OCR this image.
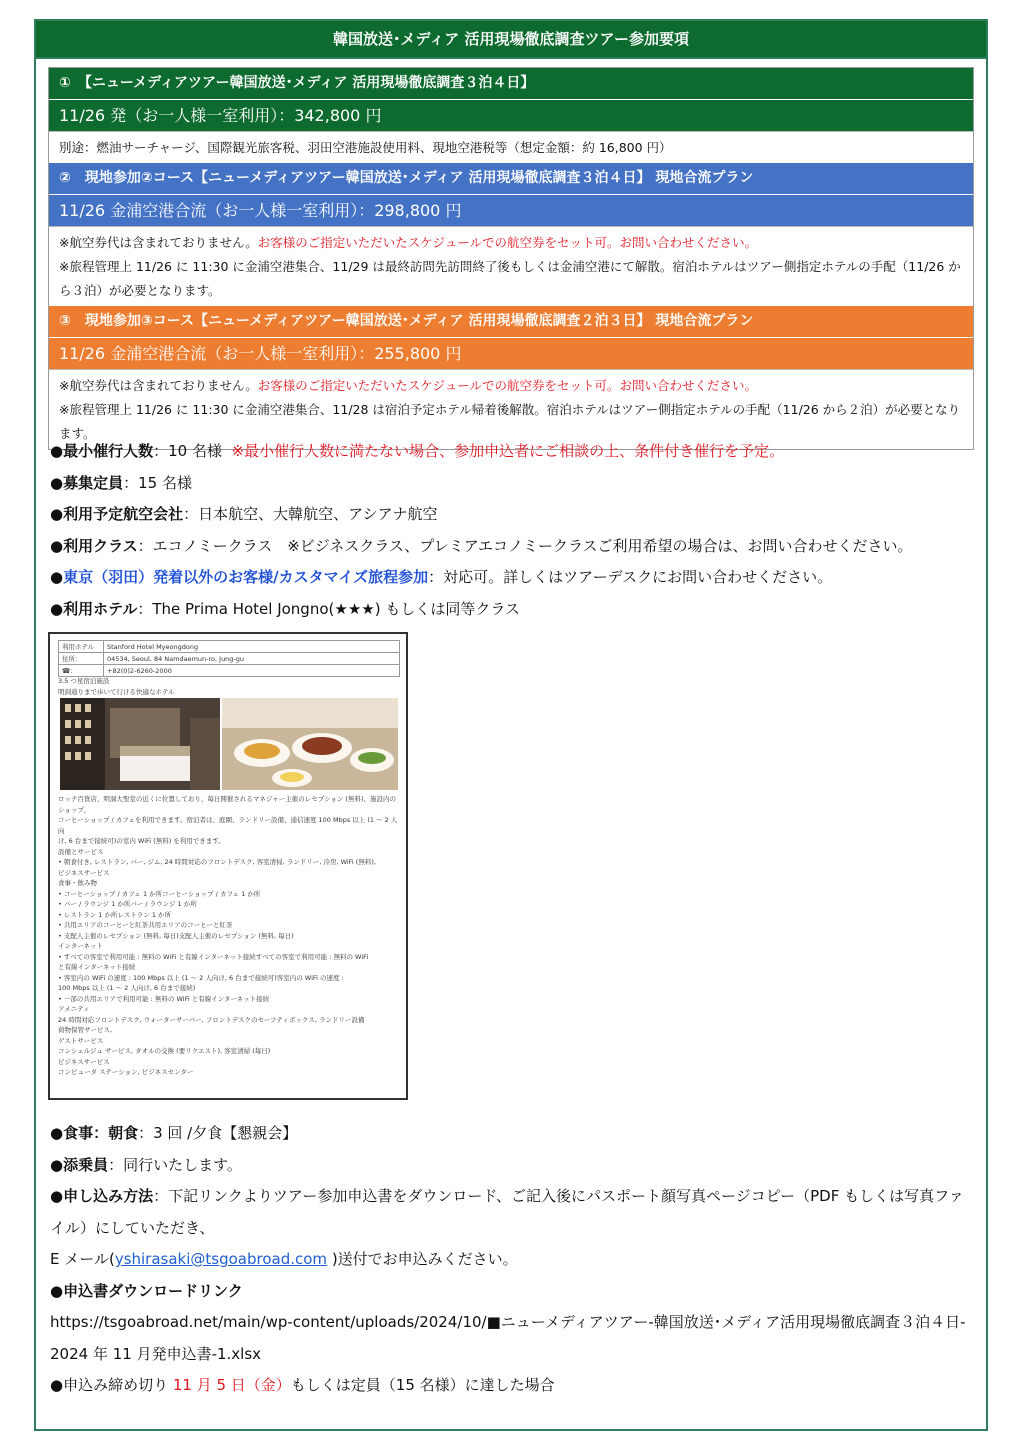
韓国放送･メディア 活用現場徹底調査ツアー参加要項
①　【ニューメディアツアー韓国放送･メディア 活用現場徹底調査３泊４日】
11/26 発（お一人様一室利用）：342,800 円
別途：燃油サーチャージ、国際観光旅客税、羽田空港施設使用料、現地空港税等（想定金額：約 16,800 円）
②　現地参加②コース【ニューメディアツアー韓国放送･メディア 活用現場徹底調査３泊４日】 現地合流プラン
11/26 金浦空港合流（お一人様一室利用）：298,800 円
※航空券代は含まれておりません。お客様のご指定いただいたスケジュールでの航空券をセット可。お問い合わせください。
※旅程管理上 11/26 に 11:30 に金浦空港集合、11/29 は最終訪問先訪問終了後もしくは金浦空港にて解散。宿泊ホテルはツアー側指定ホテルの手配（11/26 から３泊）が必要となります。
③　現地参加③コース【ニューメディアツアー韓国放送･メディア 活用現場徹底調査２泊３日】 現地合流プラン
11/26 金浦空港合流（お一人様一室利用）：255,800 円
※航空券代は含まれておりません。お客様のご指定いただいたスケジュールでの航空券をセット可。お問い合わせください。
※旅程管理上 11/26 に 11:30 に金浦空港集合、11/28 は宿泊予定ホテル帰着後解散。宿泊ホテルはツアー側指定ホテルの手配（11/26 から２泊）が必要となります。
●最小催行人数：10 名様 ※最小催行人数に満たない場合、参加申込者にご相談の上、条件付き催行を予定。
●募集定員：15 名様
●利用予定航空会社：日本航空、大韓航空、アシアナ航空
●利用クラス：エコノミークラス　※ビジネスクラス、プレミアエコノミークラスご利用希望の場合は、お問い合わせください。
●東京（羽田）発着以外のお客様/カスタマイズ旅程参加：対応可。詳しくはツアーデスクにお問い合わせください。
●利用ホテル：The Prima Hotel Jongno(★★★) もしくは同等クラス
利用ホテル	Stanford Hotel Myeongdong
住所：	04534, Seoul, 84 Namdaemun-ro, Jung-gu
☎：	+82(0)2-6260-2000
3.5 つ星宿泊施設
明洞通りまで歩いて行ける快適なホテル
ロッテ百貨店、明洞大聖堂の近くに位置しており、毎日開催されるマネジャー主催のレセプション (無料)、施設内のショップ、
コーヒーショップ / カフェを利用できます。宿泊者は、庭園、ランドリー設備、通信速度 100 Mbps 以上 (1 ～ 2 人向
け, 6 台まで接続可)の室内 WiFi (無料) を利用できます。
設備とサービス
• 朝食付き, レストラン, バー, ジム, 24 時間対応のフロントデスク, 客室清掃, ランドリー, 冷房, WiFi (無料),
ビジネスサービス
食事・飲み物
• コーヒーショップ / カフェ 1 か所コーヒーショップ / カフェ 1 か所
• バー / ラウンジ 1 か所バー / ラウンジ 1 か所
• レストラン 1 か所レストラン 1 か所
• 共用エリアのコーヒーと紅茶共用エリアのコーヒーと紅茶
• 支配人主催のレセプション (無料, 毎日)支配人主催のレセプション (無料, 毎日)
インターネット
• すべての客室で利用可能 : 無料の WiFi と有線インターネット接続すべての客室で利用可能 : 無料の WiFi
と有線インターネット接続
• 客室内の WiFi の速度 : 100 Mbps 以上 (1 ～ 2 人向け, 6 台まで接続可)客室内の WiFi の速度 :
100 Mbps 以上 (1 ～ 2 人向け, 6 台まで接続)
• 一部の共用エリアで利用可能 : 無料の WiFi と有線インターネット接続
アメニティ
24 時間対応フロントデスク, ウォーターサーバー, フロントデスクのセーフティボックス, ランドリー設備
荷物保管サービス,
ゲストサービス
コンシェルジュ サービス, タオルの交換 (要リクエスト), 客室清掃 (毎日)
ビジネスサービス
コンピュータ ステーション, ビジネスセンター
●食事：朝食：3 回 /夕食【懇親会】
●添乗員：同行いたします。
●申し込み方法：下記リンクよりツアー参加申込書をダウンロード、ご記入後にパスポート顔写真ページコピー（PDF もしくは写真ファイル）にしていただき、
E メール(yshirasaki@tsgoabroad.com )送付でお申込みください。
●申込書ダウンロードリンク
https://tsgoabroad.net/main/wp-content/uploads/2024/10/■ニューメディアツアー-韓国放送･メディア活用現場徹底調査３泊４日-2024 年 11 月発申込書-1.xlsx
●申込み締め切り 11 月 5 日（金）もしくは定員（15 名様）に達した場合
